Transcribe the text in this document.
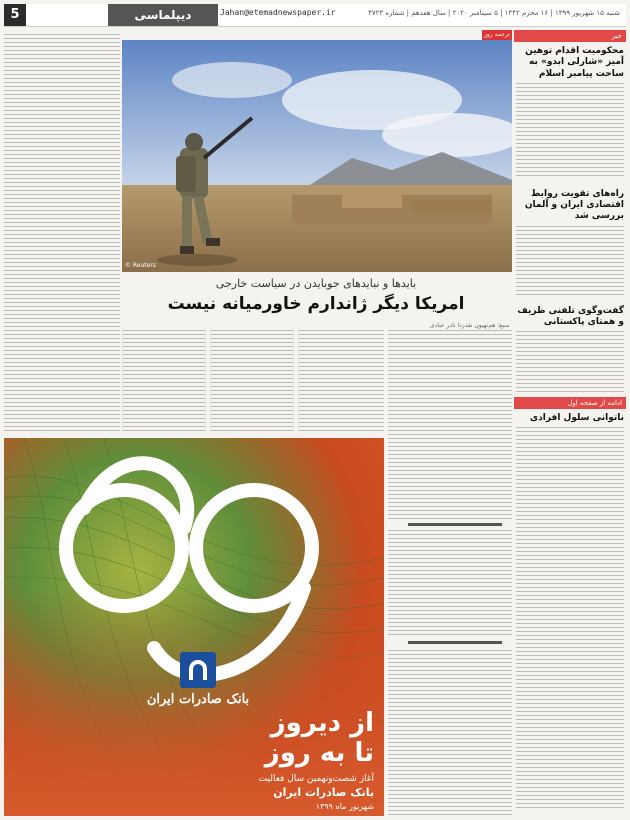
5	دیپلماسی	Jahan@etemadnewspaper.ir	شنبه ۱۵ شهریور ۱۳۹۹ | ۱۶ محرم ۱۴۴۲ | ۵ سپتامبر ۲۰۲۰ | سال هفدهم | شماره ۴۷۲۴
ترجمه روز
© Reuters
بایدها و نبایدهای جوبایدن در سیاست خارجی
امریکا دیگر ژاندارم خاورمیانه نیست
منبع: هم‌نهیون نقدزدا نادر عبادی
خبر
محکومیت اقدام توهین آمیز «شارلی ابدو» به ساحت پیامبر اسلام
راه‌های تقویت روابط اقتصادی ایران و آلمان بررسی شد
گفت‌وگوی تلفنی ظریف و همتای پاکستانی
ادامه از صفحه اول
ناتوانی سلول افرادی
بانک صادرات ایران
از دیروز
تا به روز
آغاز شصت‌ونهمین سال فعالیت
بانک صادرات ایران
شهریور ماه ۱۳۹۹
